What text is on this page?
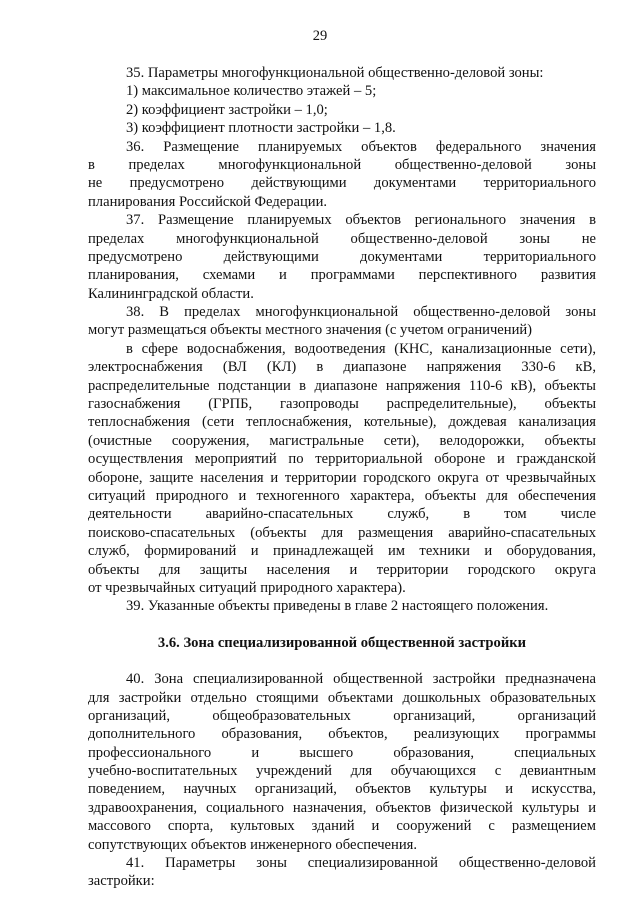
29
35. Параметры многофункциональной общественно-деловой зоны:
1) максимальное количество этажей – 5;
2) коэффициент застройки – 1,0;
3) коэффициент плотности застройки – 1,8.
36. Размещение планируемых объектов федерального значения
в пределах многофункциональной общественно-деловой зоны
не предусмотрено действующими документами территориального
планирования Российской Федерации.
37. Размещение планируемых объектов регионального значения в
пределах многофункциональной общественно-деловой зоны не
предусмотрено действующими документами территориального
планирования, схемами и программами перспективного развития
Калининградской области.
38. В пределах многофункциональной общественно-деловой зоны
могут размещаться объекты местного значения (с учетом ограничений)
в сфере водоснабжения, водоотведения (КНС, канализационные сети),
электроснабжения (ВЛ (КЛ) в диапазоне напряжения 330-6 кВ,
распределительные подстанции в диапазоне напряжения 110-6 кВ), объекты
газоснабжения (ГРПБ, газопроводы распределительные), объекты
теплоснабжения (сети теплоснабжения, котельные), дождевая канализация
(очистные сооружения, магистральные сети), велодорожки, объекты
осуществления мероприятий по территориальной обороне и гражданской
обороне, защите населения и территории городского округа от чрезвычайных
ситуаций природного и техногенного характера, объекты для обеспечения
деятельности аварийно-спасательных служб, в том числе
поисково-спасательных (объекты для размещения аварийно-спасательных
служб, формирований и принадлежащей им техники и оборудования,
объекты для защиты населения и территории городского округа
от чрезвычайных ситуаций природного характера).
39. Указанные объекты приведены в главе 2 настоящего положения.
3.6. Зона специализированной общественной застройки
40. Зона специализированной общественной застройки предназначена
для застройки отдельно стоящими объектами дошкольных образовательных
организаций, общеобразовательных организаций, организаций
дополнительного образования, объектов, реализующих программы
профессионального и высшего образования, специальных
учебно-воспитательных учреждений для обучающихся с девиантным
поведением, научных организаций, объектов культуры и искусства,
здравоохранения, социального назначения, объектов физической культуры и
массового спорта, культовых зданий и сооружений с размещением
сопутствующих объектов инженерного обеспечения.
41. Параметры зоны специализированной общественно-деловой
застройки:
